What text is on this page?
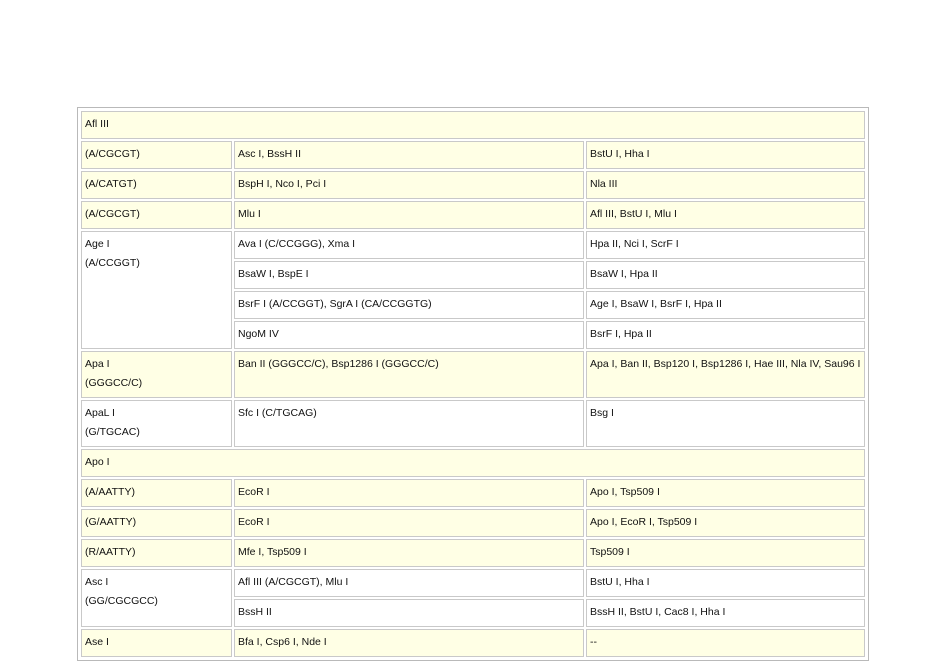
Afl III		

(A/CGCGT)	Asc I, BssH II	BstU I, Hha I

(A/CATGT)	BspH I, Nco I, Pci I	Nla III

(A/CGCGT)	Mlu I	Afl III, BstU I, Mlu I

Age I
(A/CCGGT)	Ava I (C/CCGGG), Xma I	Hpa II, Nci I, ScrF I
	BsaW I, BspE I	BsaW I, Hpa II
	BsrF I (A/CCGGT), SgrA I (CA/CCGGTG)	Age I, BsaW I, BsrF I, Hpa II
	NgoM IV	BsrF I, Hpa II

Apa I
(GGGCC/C)	Ban II (GGGCC/C), Bsp1286 I (GGGCC/C)	Apa I, Ban II, Bsp120 I, Bsp1286 I, Hae III, Nla IV, Sau96 I

ApaL I
(G/TGCAC)	Sfc I (C/TGCAG)	Bsg I
Apo I		

(A/AATTY)	EcoR I	Apo I, Tsp509 I

(G/AATTY)	EcoR I	Apo I, EcoR I, Tsp509 I

(R/AATTY)	Mfe I, Tsp509 I	Tsp509 I

Asc I
(GG/CGCGCC)	Afl III (A/CGCGT), Mlu I	BstU I, Hha I
	BssH II	BssH II, BstU I, Cac8 I, Hha I

Ase I	Bfa I, Csp6 I, Nde I	--
